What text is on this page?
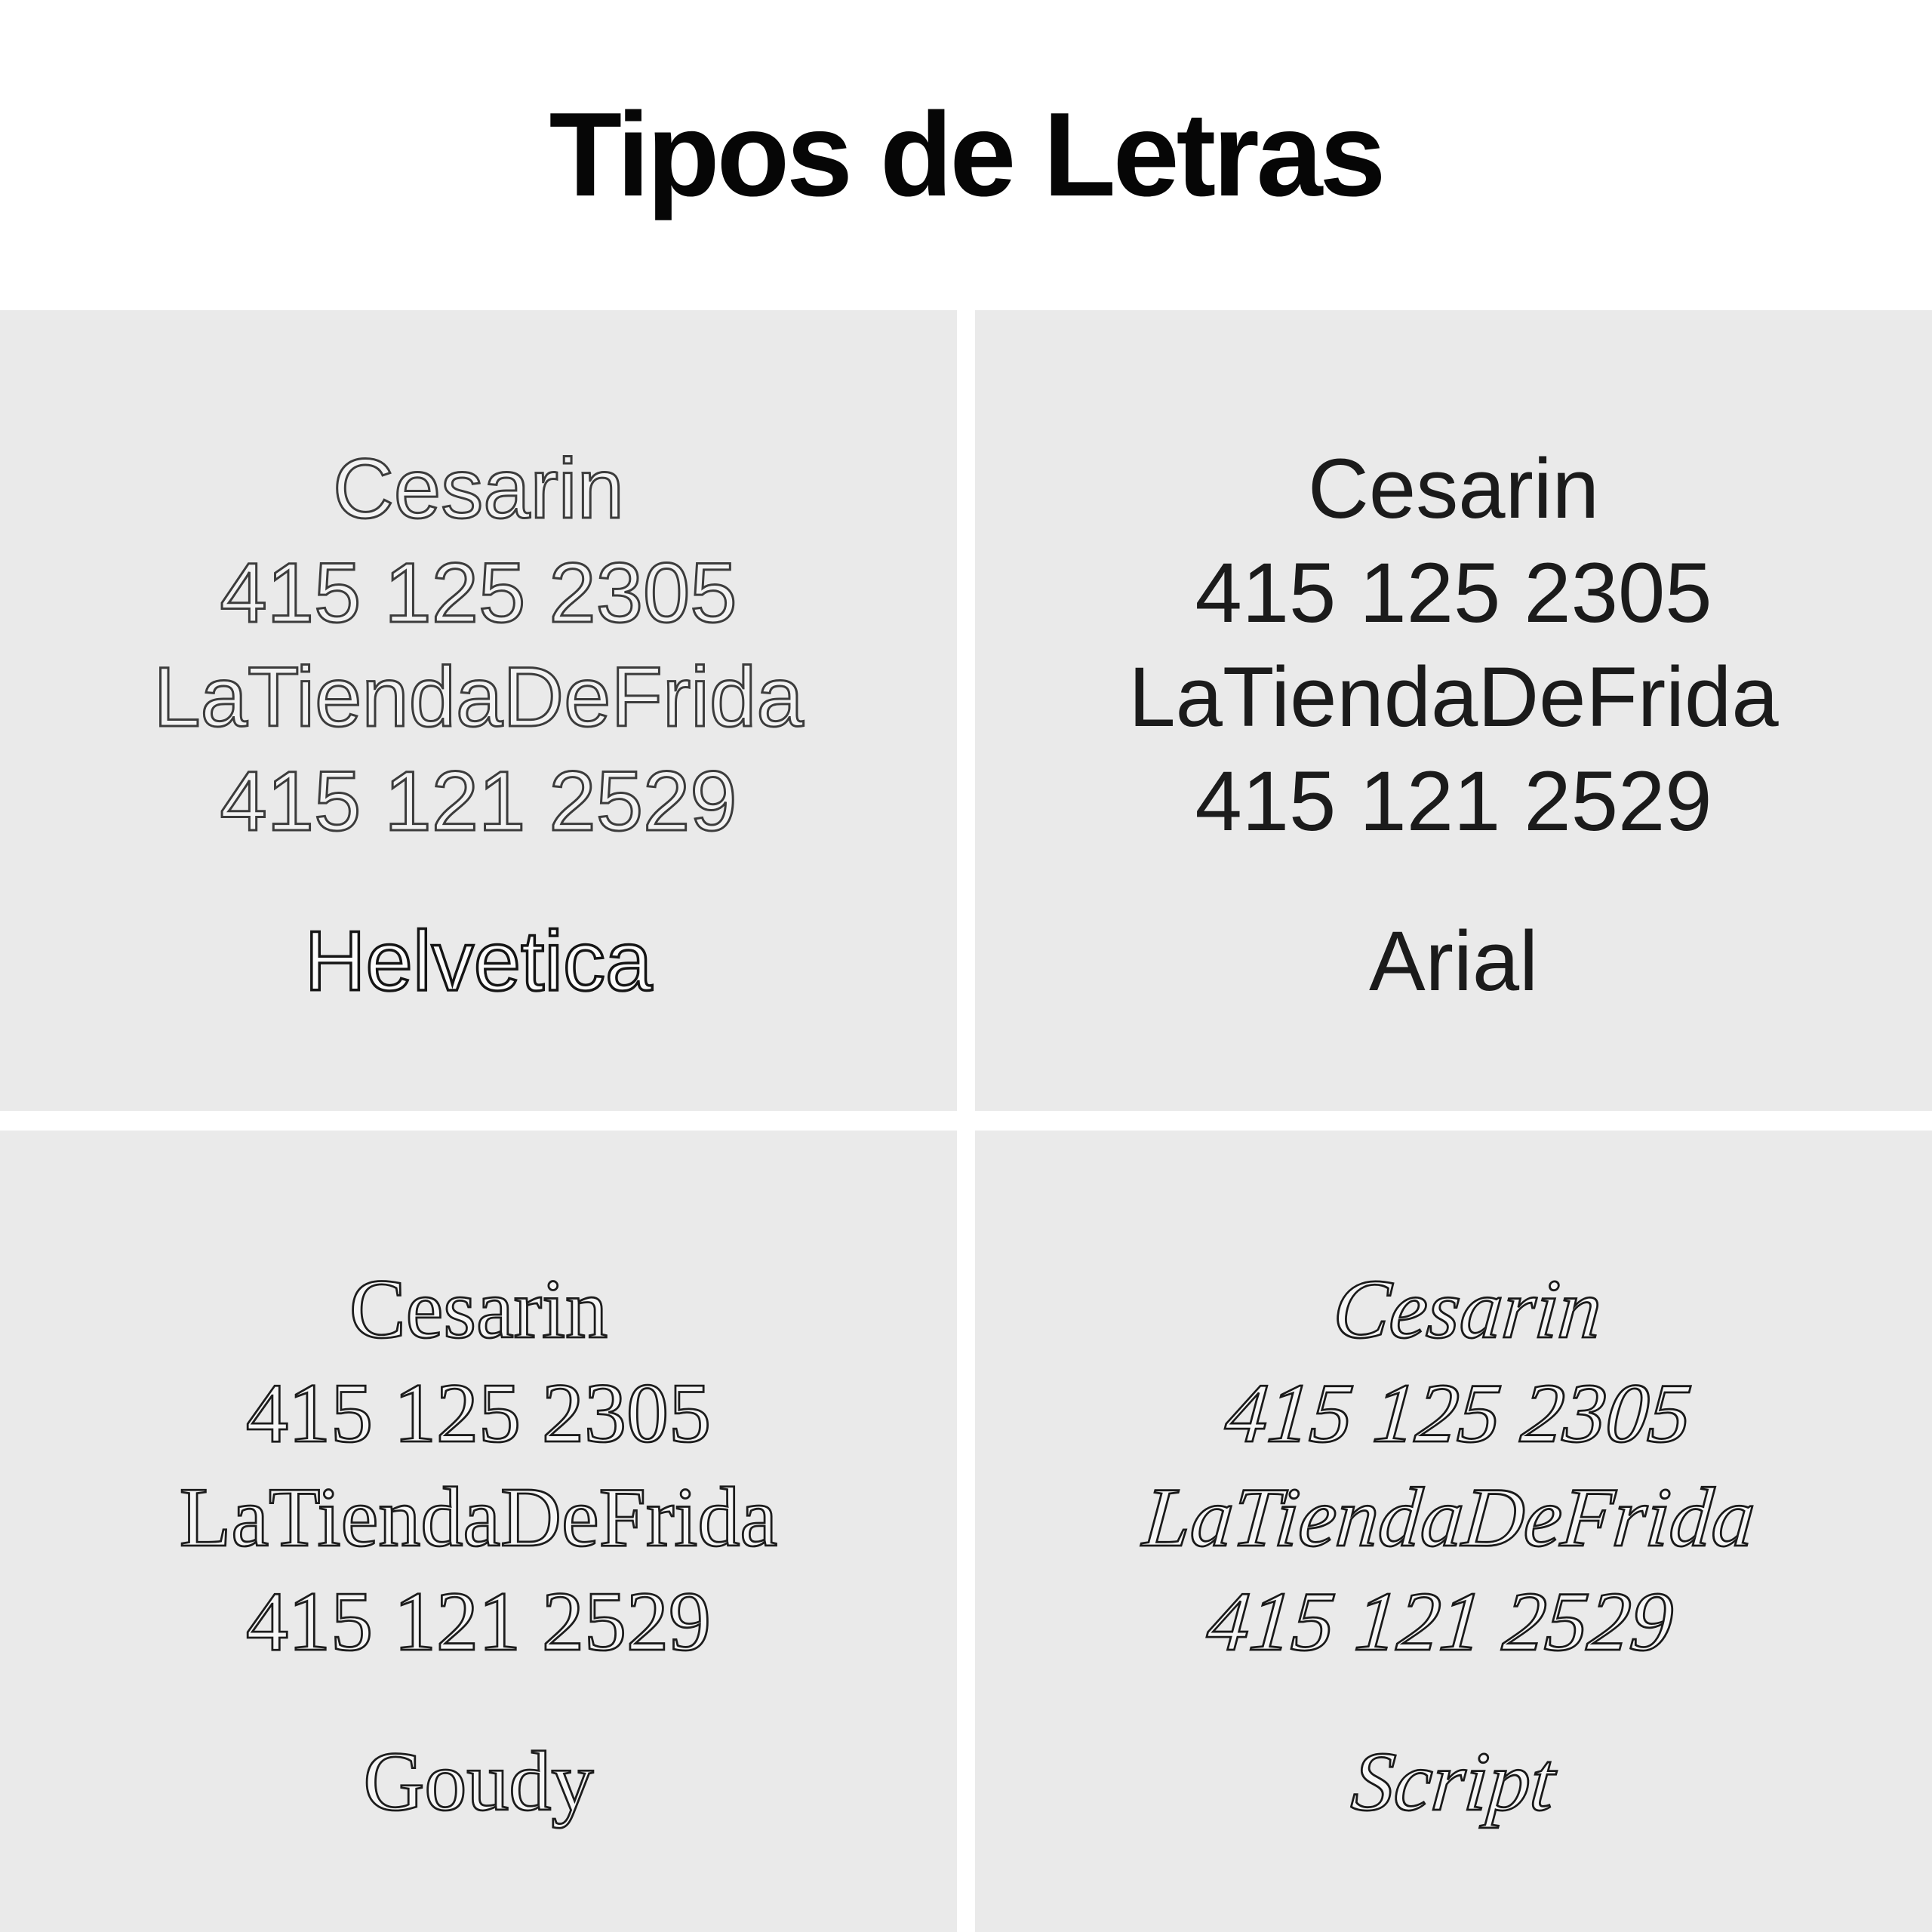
Tipos de Letras
Cesarin
415 125 2305
LaTiendaDeFrida
415 121 2529
Helvetica
Cesarin
415 125 2305
LaTiendaDeFrida
415 121 2529
Arial
Cesarin
415 125 2305
LaTiendaDeFrida
415 121 2529
Goudy
Cesarin
415 125 2305
LaTiendaDeFrida
415 121 2529
Script
